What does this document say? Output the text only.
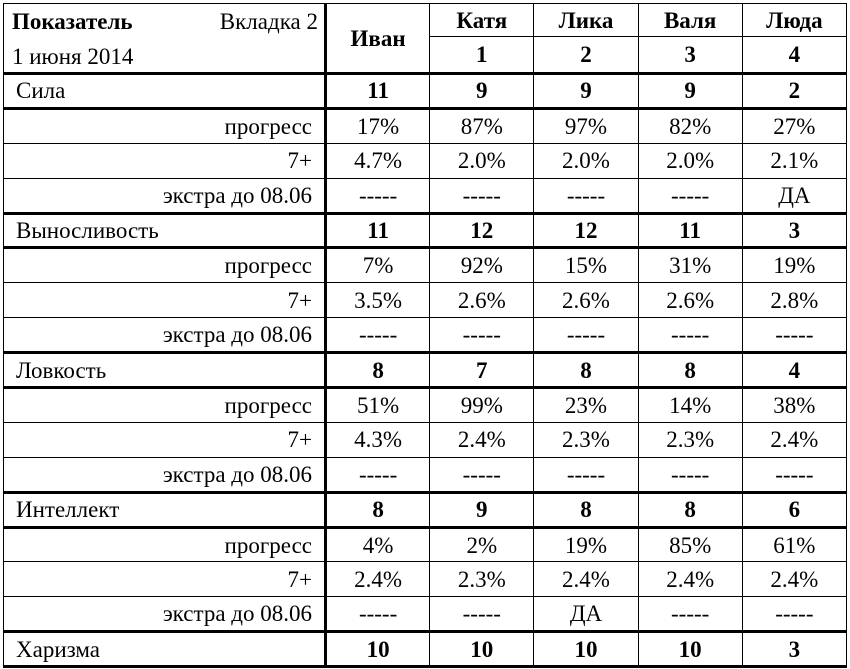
Показатель Вкладка 2
1 июня 2014	Иван	Катя	Лика	Валя	Люда
		1	2	3	4
Сила	11	9	9	9	2
прогресс	17%	87%	97%	82%	27%
7+	4.7%	2.0%	2.0%	2.0%	2.1%
экстра до 08.06	-----	-----	-----	-----	ДА
Выносливость	11	12	12	11	3
прогресс	7%	92%	15%	31%	19%
7+	3.5%	2.6%	2.6%	2.6%	2.8%
экстра до 08.06	-----	-----	-----	-----	-----
Ловкость	8	7	8	8	4
прогресс	51%	99%	23%	14%	38%
7+	4.3%	2.4%	2.3%	2.3%	2.4%
экстра до 08.06	-----	-----	-----	-----	-----
Интеллект	8	9	8	8	6
прогресс	4%	2%	19%	85%	61%
7+	2.4%	2.3%	2.4%	2.4%	2.4%
экстра до 08.06	-----	-----	ДА	-----	-----
Харизма	10	10	10	10	3
